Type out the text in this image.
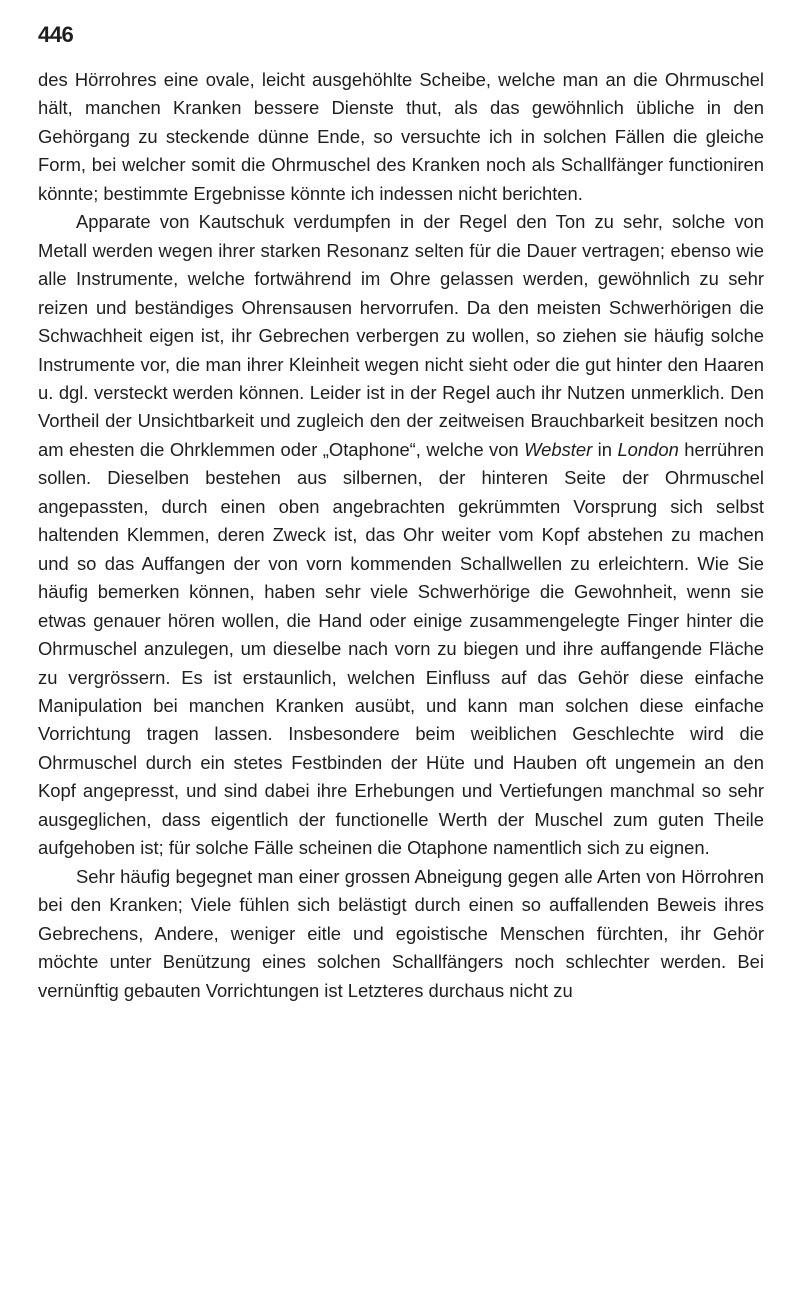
446

des Hörrohres eine ovale, leicht ausgehöhlte Scheibe, welche man an die Ohrmuschel hält, manchen Kranken bessere Dienste thut, als das gewöhnlich übliche in den Gehörgang zu steckende dünne Ende, so versuchte ich in solchen Fällen die gleiche Form, bei welcher somit die Ohrmuschel des Kranken noch als Schallfänger functioniren könnte; bestimmte Ergebnisse könnte ich indessen nicht berichten.

Apparate von Kautschuk verdumpfen in der Regel den Ton zu sehr, solche von Metall werden wegen ihrer starken Resonanz selten für die Dauer vertragen; ebenso wie alle Instrumente, welche fortwährend im Ohre gelassen werden, gewöhnlich zu sehr reizen und beständiges Ohrensausen hervorrufen. Da den meisten Schwerhörigen die Schwachheit eigen ist, ihr Gebrechen verbergen zu wollen, so ziehen sie häufig solche Instrumente vor, die man ihrer Kleinheit wegen nicht sieht oder die gut hinter den Haaren u. dgl. versteckt werden können. Leider ist in der Regel auch ihr Nutzen unmerklich. Den Vortheil der Unsichtbarkeit und zugleich den der zeitweisen Brauchbarkeit besitzen noch am ehesten die Ohrklemmen oder „Otaphone“, welche von Webster in London herrühren sollen. Dieselben bestehen aus silbernen, der hinteren Seite der Ohrmuschel angepassten, durch einen oben angebrachten gekrümmten Vorsprung sich selbst haltenden Klemmen, deren Zweck ist, das Ohr weiter vom Kopf abstehen zu machen und so das Auffangen der von vorn kommenden Schallwellen zu erleichtern. Wie Sie häufig bemerken können, haben sehr viele Schwerhörige die Gewohnheit, wenn sie etwas genauer hören wollen, die Hand oder einige zusammengelegte Finger hinter die Ohrmuschel anzulegen, um dieselbe nach vorn zu biegen und ihre auffangende Fläche zu vergrössern. Es ist erstaunlich, welchen Einfluss auf das Gehör diese einfache Manipulation bei manchen Kranken ausübt, und kann man solchen diese einfache Vorrichtung tragen lassen. Insbesondere beim weiblichen Geschlechte wird die Ohrmuschel durch ein stetes Festbinden der Hüte und Hauben oft ungemein an den Kopf angepresst, und sind dabei ihre Erhebungen und Vertiefungen manchmal so sehr ausgeglichen, dass eigentlich der functionelle Werth der Muschel zum guten Theile aufgehoben ist; für solche Fälle scheinen die Otaphone namentlich sich zu eignen.

Sehr häufig begegnet man einer grossen Abneigung gegen alle Arten von Hörrohren bei den Kranken; Viele fühlen sich belästigt durch einen so auffallenden Beweis ihres Gebrechens, Andere, weniger eitle und egoistische Menschen fürchten, ihr Gehör möchte unter Benützung eines solchen Schallfängers noch schlechter werden. Bei vernünftig gebauten Vorrichtungen ist Letzteres durchaus nicht zu
